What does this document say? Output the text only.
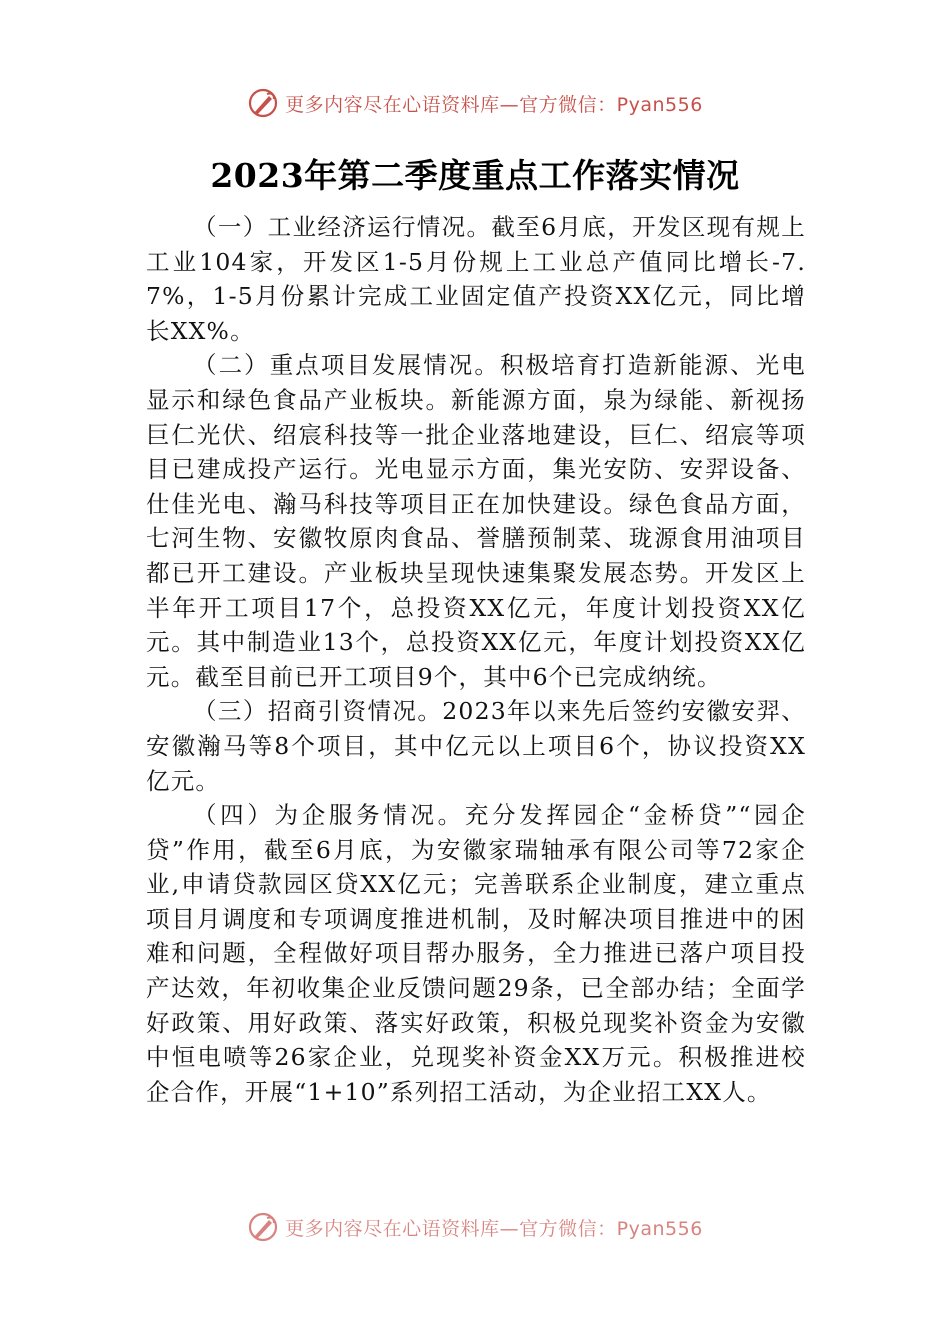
更多内容尽在心语资料库—官方微信：Pyan556
2023年第二季度重点工作落实情况

（一）工业经济运行情况。截至6月底，开发区现有规上工业104家，开发区1-5月份规上工业总产值同比增长-7.7%，1-5月份累计完成工业固定值产投资XX亿元，同比增长XX%。

（二）重点项目发展情况。积极培育打造新能源、光电显示和绿色食品产业板块。新能源方面，泉为绿能、新视扬巨仁光伏、绍宸科技等一批企业落地建设，巨仁、绍宸等项目已建成投产运行。光电显示方面，集光安防、安羿设备、仕佳光电、瀚马科技等项目正在加快建设。绿色食品方面，七河生物、安徽牧原肉食品、誉膳预制菜、珑源食用油项目都已开工建设。产业板块呈现快速集聚发展态势。开发区上半年开工项目17个，总投资XX亿元，年度计划投资XX亿元。其中制造业13个，总投资XX亿元，年度计划投资XX亿元。截至目前已开工项目9个，其中6个已完成纳统。

（三）招商引资情况。2023年以来先后签约安徽安羿、安徽瀚马等8个项目，其中亿元以上项目6个，协议投资XX亿元。

（四）为企服务情况。充分发挥园企“金桥贷”“园企贷”作用，截至6月底，为安徽家瑞轴承有限公司等72家企业,申请贷款园区贷XX亿元；完善联系企业制度，建立重点项目月调度和专项调度推进机制，及时解决项目推进中的困难和问题，全程做好项目帮办服务，全力推进已落户项目投产达效，年初收集企业反馈问题29条，已全部办结；全面学好政策、用好政策、落实好政策，积极兑现奖补资金为安徽中恒电喷等26家企业，兑现奖补资金XX万元。积极推进校企合作，开展“1+10”系列招工活动，为企业招工XX人。

更多内容尽在心语资料库—官方微信：Pyan556
